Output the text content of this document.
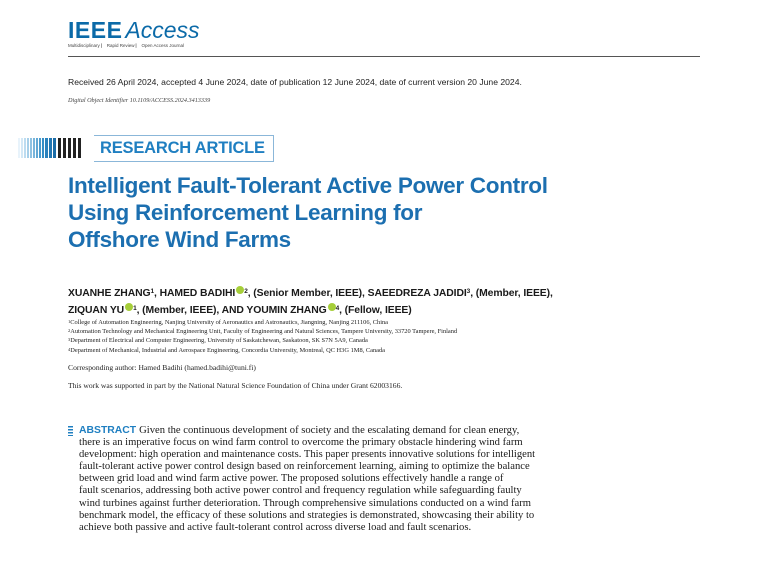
IEEE Access
Multidisciplinary ⎸ Rapid Review ⎸ Open Access Journal
Received 26 April 2024, accepted 4 June 2024, date of publication 12 June 2024, date of current version 20 June 2024.
Digital Object Identifier 10.1109/ACCESS.2024.3413339
RESEARCH ARTICLE
Intelligent Fault-Tolerant Active Power Control
Using Reinforcement Learning for
Offshore Wind Farms
XUANHE ZHANG$^1$, HAMED BADIHI $^2$, (Senior Member, IEEE), SAEEDREZA JADIDI$^3$, (Member, IEEE),
ZIQUAN YU $^1$, (Member, IEEE), AND YOUMIN ZHANG $^4$, (Fellow, IEEE)
$^1$College of Automation Engineering, Nanjing University of Aeronautics and Astronautics, Jiangning, Nanjing 211106, China
$^2$Automation Technology and Mechanical Engineering Unit, Faculty of Engineering and Natural Sciences, Tampere University, 33720 Tampere, Finland
$^3$Department of Electrical and Computer Engineering, University of Saskatchewan, Saskatoon, SK S7N 5A9, Canada
$^4$Department of Mechanical, Industrial and Aerospace Engineering, Concordia University, Montreal, QC H3G 1M8, Canada
Corresponding author: Hamed Badihi (hamed.badihi@tuni.fi)
This work was supported in part by the National Natural Science Foundation of China under Grant 62003166.
ABSTRACT Given the continuous development of society and the escalating demand for clean energy,
there is an imperative focus on wind farm control to overcome the primary obstacle hindering wind farm
development: high operation and maintenance costs. This paper presents innovative solutions for intelligent
fault-tolerant active power control design based on reinforcement learning, aiming to optimize the balance
between grid load and wind farm active power. The proposed solutions effectively handle a range of
fault scenarios, addressing both active power control and frequency regulation while safeguarding faulty
wind turbines against further deterioration. Through comprehensive simulations conducted on a wind farm
benchmark model, the efficacy of these solutions and strategies is demonstrated, showcasing their ability to
achieve both passive and active fault-tolerant control across diverse load and fault scenarios.
